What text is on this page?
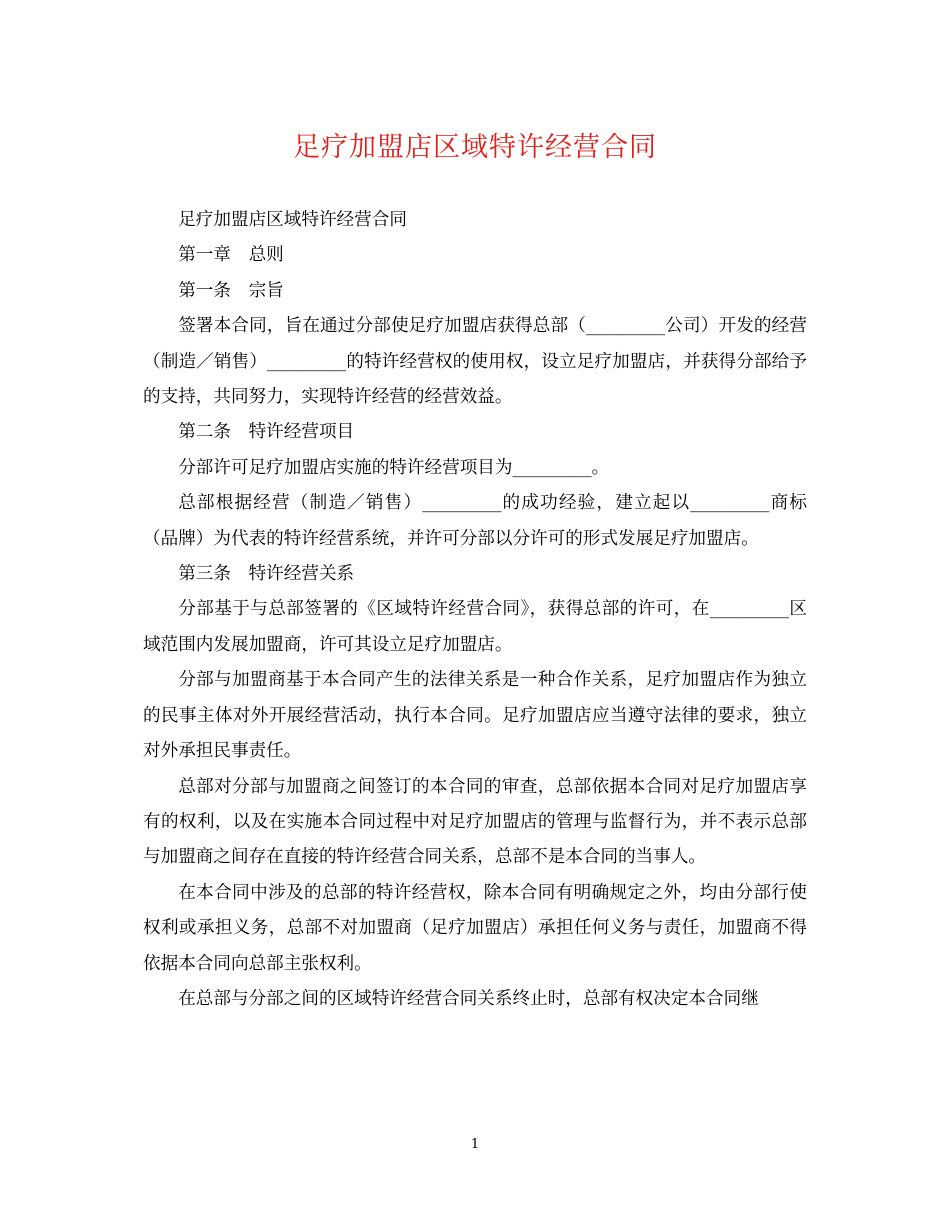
足疗加盟店区域特许经营合同

足疗加盟店区域特许经营合同

第一章　总则

第一条　宗旨

签署本合同，旨在通过分部使足疗加盟店获得总部（_________公司）开发的经营（制造／销售）_________的特许经营权的使用权，设立足疗加盟店，并获得分部给予的支持，共同努力，实现特许经营的经营效益。

第二条　特许经营项目

分部许可足疗加盟店实施的特许经营项目为_________。

总部根据经营（制造／销售）_________的成功经验，建立起以_________商标（品牌）为代表的特许经营系统，并许可分部以分许可的形式发展足疗加盟店。

第三条　特许经营关系

分部基于与总部签署的《区域特许经营合同》，获得总部的许可，在_________区域范围内发展加盟商，许可其设立足疗加盟店。

分部与加盟商基于本合同产生的法律关系是一种合作关系，足疗加盟店作为独立的民事主体对外开展经营活动，执行本合同。足疗加盟店应当遵守法律的要求，独立对外承担民事责任。

总部对分部与加盟商之间签订的本合同的审查，总部依据本合同对足疗加盟店享有的权利，以及在实施本合同过程中对足疗加盟店的管理与监督行为，并不表示总部与加盟商之间存在直接的特许经营合同关系，总部不是本合同的当事人。

在本合同中涉及的总部的特许经营权，除本合同有明确规定之外，均由分部行使权利或承担义务，总部不对加盟商（足疗加盟店）承担任何义务与责任，加盟商不得依据本合同向总部主张权利。

在总部与分部之间的区域特许经营合同关系终止时，总部有权决定本合同继

1
